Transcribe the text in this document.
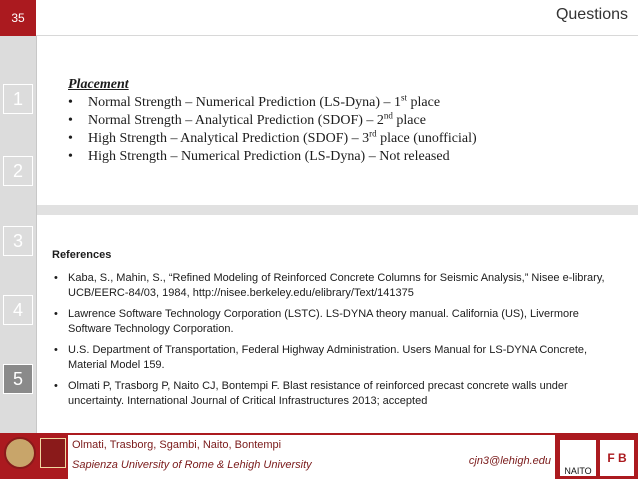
35	Questions
1
2
3
4
5
Placement
• Normal Strength – Numerical Prediction (LS-Dyna) – 1st place
• Normal Strength – Analytical Prediction (SDOF) – 2nd place
• High Strength – Analytical Prediction (SDOF) – 3rd place (unofficial)
• High Strength – Numerical Prediction (LS-Dyna) – Not released
References
• Kaba, S., Mahin, S., “Refined Modeling of Reinforced Concrete Columns for Seismic Analysis,” Nisee e-library, UCB/EERC-84/03, 1984, http://nisee.berkeley.edu/elibrary/Text/141375
• Lawrence Software Technology Corporation (LSTC). LS-DYNA theory manual. California (US), Livermore Software Technology Corporation.
• U.S. Department of Transportation, Federal Highway Administration. Users Manual for LS-DYNA Concrete, Material Model 159.
• Olmati P, Trasborg P, Naito CJ, Bontempi F. Blast resistance of reinforced precast concrete walls under uncertainty. International Journal of Critical Infrastructures 2013; accepted
Olmati, Trasborg, Sgambi, Naito, Bontempi
Sapienza University of Rome & Lehigh University	cjn3@lehigh.edu
NAITO
F B
